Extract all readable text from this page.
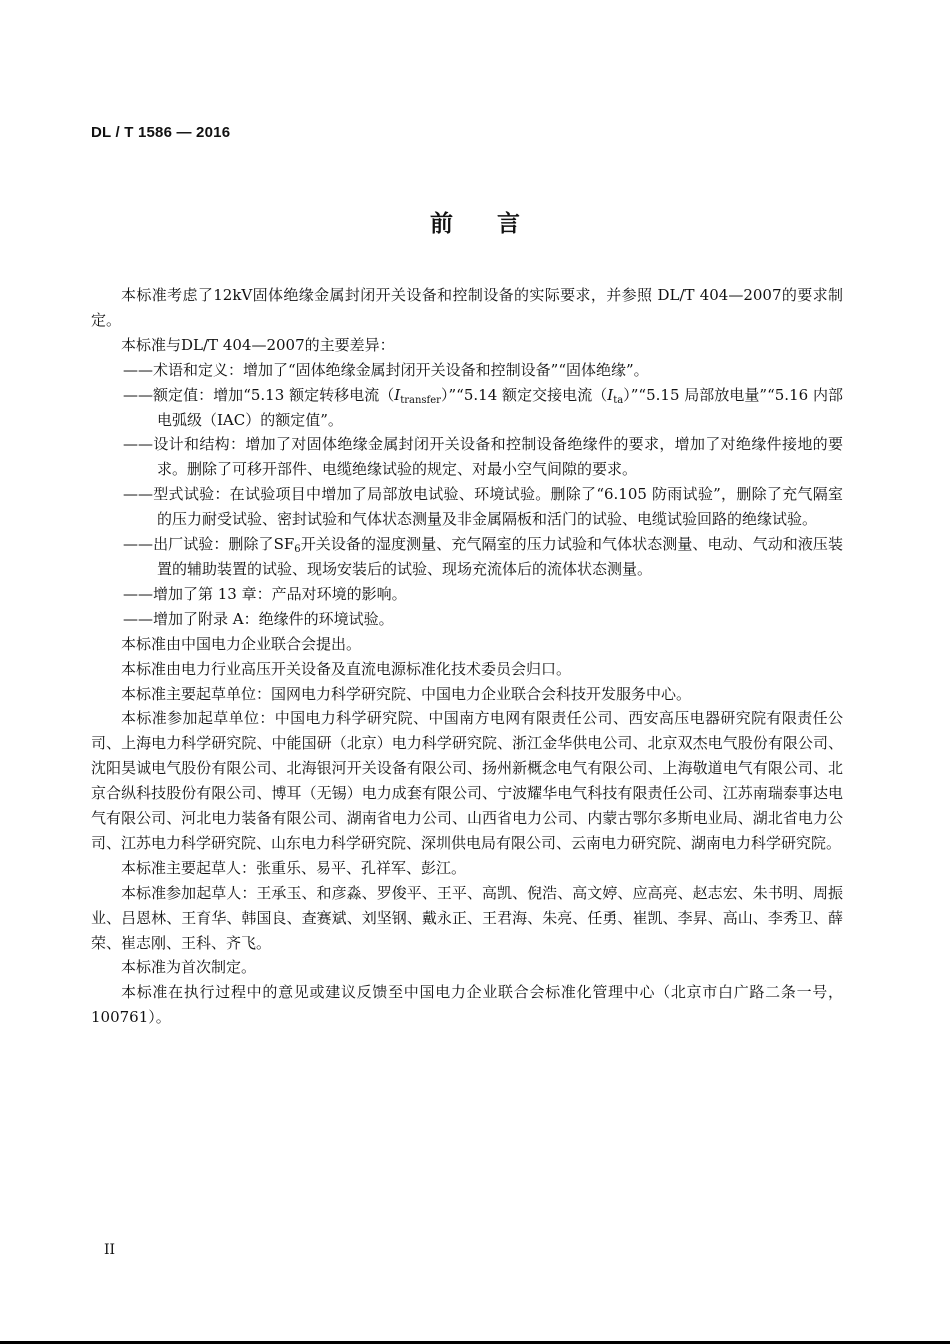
DL / T 1586 — 2016
前言

本标准考虑了12kV固体绝缘金属封闭开关设备和控制设备的实际要求，并参照 DL/T 404—2007的要求制定。

本标准与DL/T 404—2007的主要差异：

——术语和定义：增加了“固体绝缘金属封闭开关设备和控制设备”“固体绝缘”。

——额定值：增加“5.13 额定转移电流$(I_{transfer})”“5.14$ 额定交接电流$(I_{ta})”“5.15$ 局部放电量”“5.16 内部电弧级（IAC）的额定值”。

——设计和结构：增加了对固体绝缘金属封闭开关设备和控制设备绝缘件的要求，增加了对绝缘件接地的要求。删除了可移开部件、电缆绝缘试验的规定、对最小空气间隙的要求。

——型式试验：在试验项目中增加了局部放电试验、环境试验。删除了“6.105 防雨试验”，删除了充气隔室的压力耐受试验、密封试验和气体状态测量及非金属隔板和活门的试验、电缆试验回路的绝缘试验。

——出厂试验：删除了$SF_6$开关设备的湿度测量、充气隔室的压力试验和气体状态测量、电动、气动和液压装置的辅助装置的试验、现场安装后的试验、现场充流体后的流体状态测量。

——增加了第 13 章：产品对环境的影响。

——增加了附录 A：绝缘件的环境试验。

本标准由中国电力企业联合会提出。

本标准由电力行业高压开关设备及直流电源标准化技术委员会归口。

本标准主要起草单位：国网电力科学研究院、中国电力企业联合会科技开发服务中心。

本标准参加起草单位：中国电力科学研究院、中国南方电网有限责任公司、西安高压电器研究院有限责任公司、上海电力科学研究院、中能国研（北京）电力科学研究院、浙江金华供电公司、北京双杰电气股份有限公司、沈阳昊诚电气股份有限公司、北海银河开关设备有限公司、扬州新概念电气有限公司、上海敬道电气有限公司、北京合纵科技股份有限公司、博耳（无锡）电力成套有限公司、宁波耀华电气科技有限责任公司、江苏南瑞泰事达电气有限公司、河北电力装备有限公司、湖南省电力公司、山西省电力公司、内蒙古鄂尔多斯电业局、湖北省电力公司、江苏电力科学研究院、山东电力科学研究院、深圳供电局有限公司、云南电力研究院、湖南电力科学研究院。

本标准主要起草人：张重乐、易平、孔祥军、彭江。

本标准参加起草人：王承玉、和彦淼、罗俊平、王平、高凯、倪浩、高文婷、应高亮、赵志宏、朱书明、周振业、吕恩林、王育华、韩国良、查赛斌、刘坚钢、戴永正、王君海、朱亮、任勇、崔凯、李昇、高山、李秀卫、薛荣、崔志刚、王科、齐飞。

本标准为首次制定。

本标准在执行过程中的意见或建议反馈至中国电力企业联合会标准化管理中心（北京市白广路二条一号，100761）。

II
